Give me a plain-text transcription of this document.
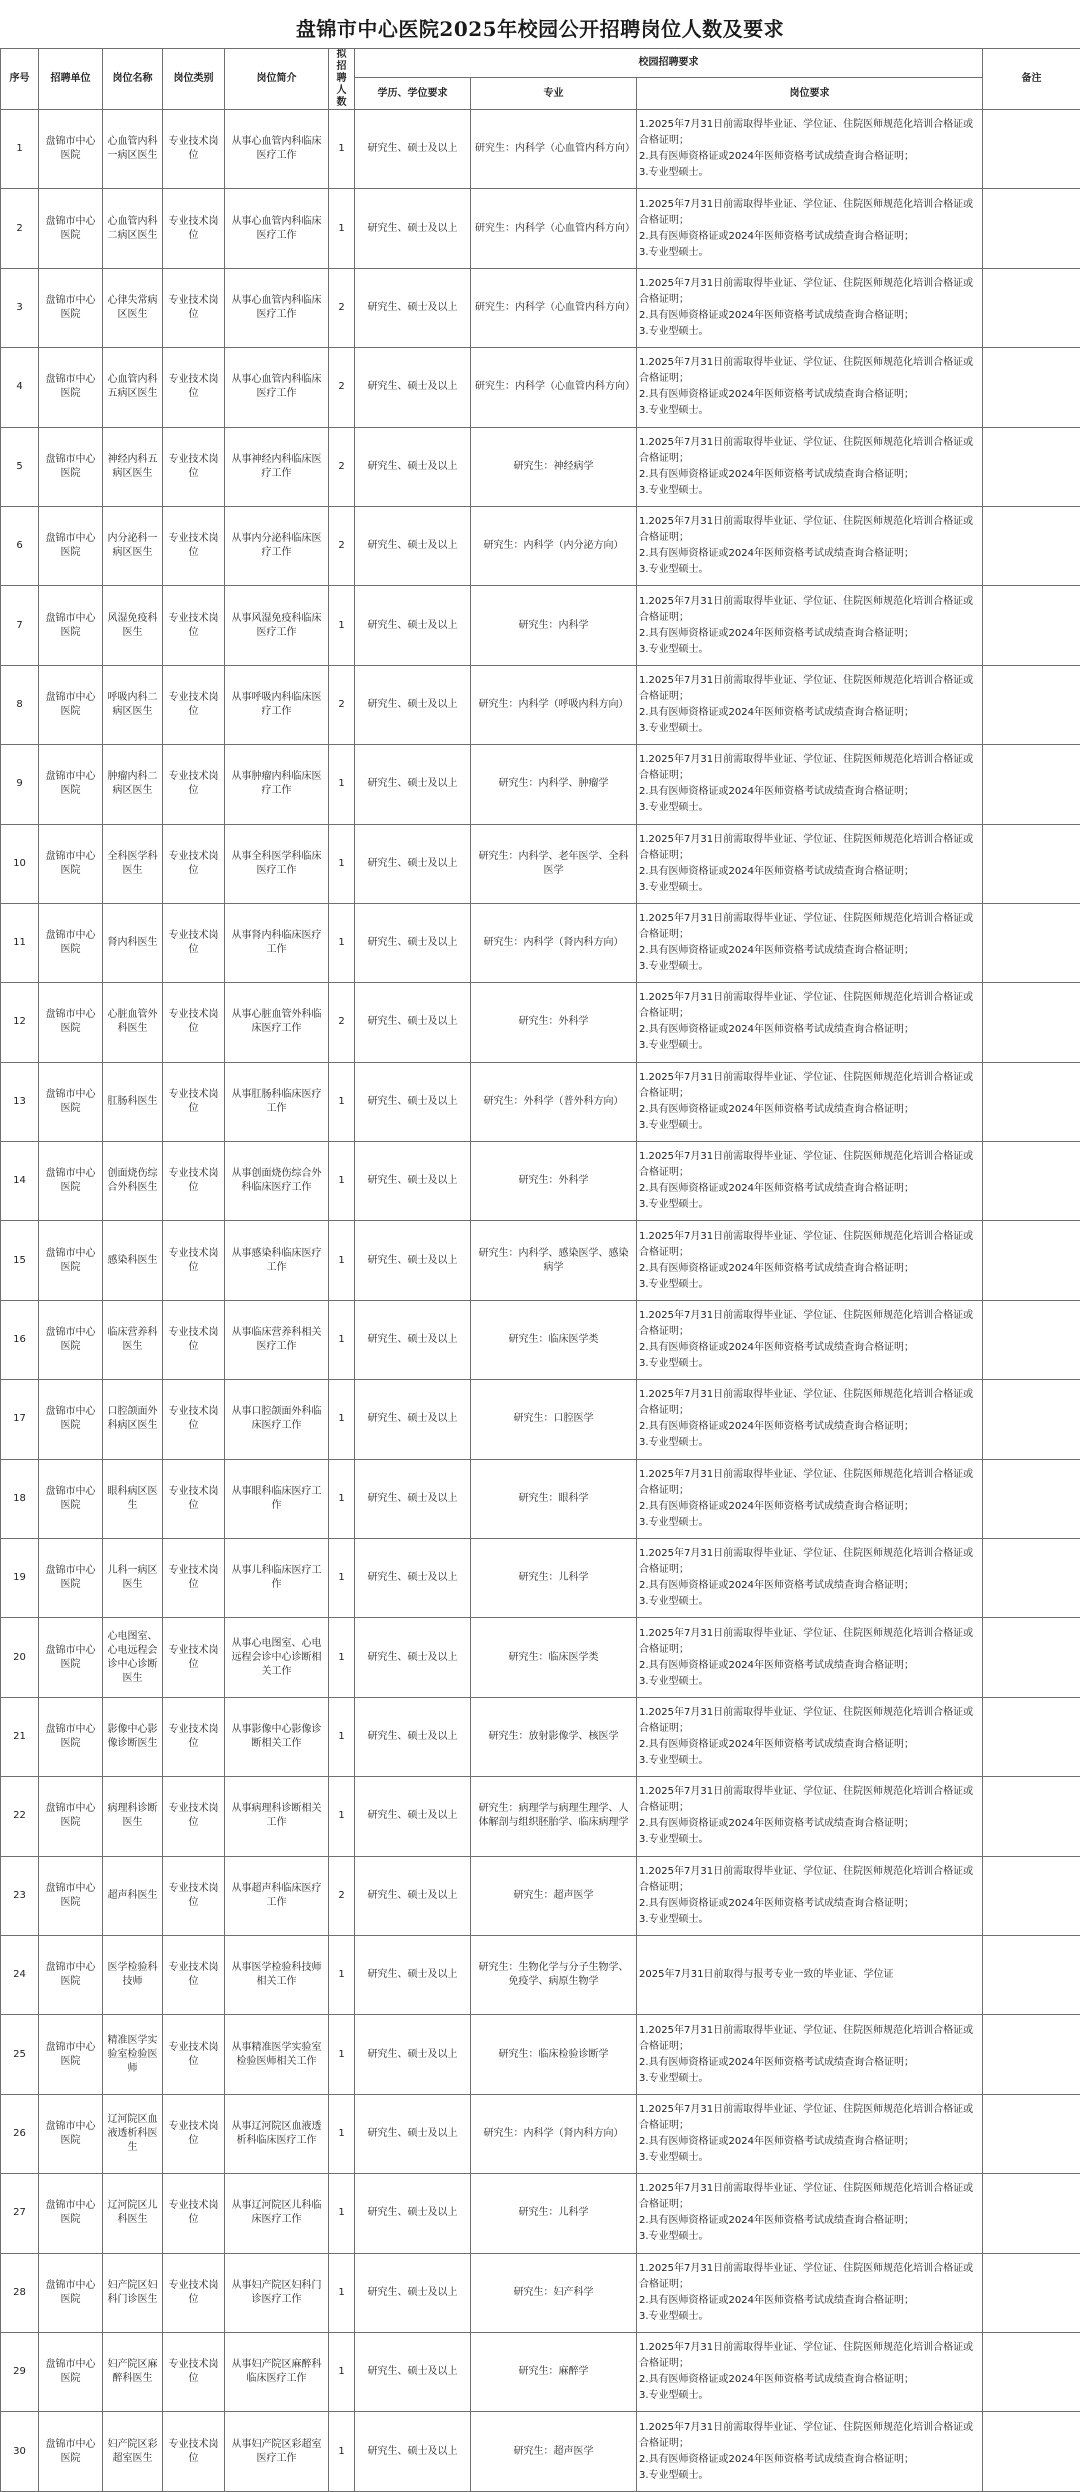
盘锦市中心医院2025年校园公开招聘岗位人数及要求
序号	招聘单位	岗位名称	岗位类别	岗位简介	拟招聘人数	校园招聘要求			备注
						学历、学位要求	专业	岗位要求	
1	盘锦市中心医院	心血管内科一病区医生	专业技术岗位	从事心血管内科临床医疗工作	1	研究生、硕士及以上	研究生：内科学（心血管内科方向）	1.2025年7月31日前需取得毕业证、学位证、住院医师规范化培训合格证或合格证明；
2.具有医师资格证或2024年医师资格考试成绩查询合格证明；
3.专业型硕士。	

2	盘锦市中心医院	心血管内科二病区医生	专业技术岗位	从事心血管内科临床医疗工作	1	研究生、硕士及以上	研究生：内科学（心血管内科方向）	1.2025年7月31日前需取得毕业证、学位证、住院医师规范化培训合格证或合格证明；
2.具有医师资格证或2024年医师资格考试成绩查询合格证明；
3.专业型硕士。	

3	盘锦市中心医院	心律失常病区医生	专业技术岗位	从事心血管内科临床医疗工作	2	研究生、硕士及以上	研究生：内科学（心血管内科方向）	1.2025年7月31日前需取得毕业证、学位证、住院医师规范化培训合格证或合格证明；
2.具有医师资格证或2024年医师资格考试成绩查询合格证明；
3.专业型硕士。	

4	盘锦市中心医院	心血管内科五病区医生	专业技术岗位	从事心血管内科临床医疗工作	2	研究生、硕士及以上	研究生：内科学（心血管内科方向）	1.2025年7月31日前需取得毕业证、学位证、住院医师规范化培训合格证或合格证明；
2.具有医师资格证或2024年医师资格考试成绩查询合格证明；
3.专业型硕士。	

5	盘锦市中心医院	神经内科五病区医生	专业技术岗位	从事神经内科临床医疗工作	2	研究生、硕士及以上	研究生：神经病学	1.2025年7月31日前需取得毕业证、学位证、住院医师规范化培训合格证或合格证明；
2.具有医师资格证或2024年医师资格考试成绩查询合格证明；
3.专业型硕士。	

6	盘锦市中心医院	内分泌科一病区医生	专业技术岗位	从事内分泌科临床医疗工作	2	研究生、硕士及以上	研究生：内科学（内分泌方向）	1.2025年7月31日前需取得毕业证、学位证、住院医师规范化培训合格证或合格证明；
2.具有医师资格证或2024年医师资格考试成绩查询合格证明；
3.专业型硕士。	

7	盘锦市中心医院	风湿免疫科医生	专业技术岗位	从事风湿免疫科临床医疗工作	1	研究生、硕士及以上	研究生：内科学	1.2025年7月31日前需取得毕业证、学位证、住院医师规范化培训合格证或合格证明；
2.具有医师资格证或2024年医师资格考试成绩查询合格证明；
3.专业型硕士。	

8	盘锦市中心医院	呼吸内科二病区医生	专业技术岗位	从事呼吸内科临床医疗工作	2	研究生、硕士及以上	研究生：内科学（呼吸内科方向）	1.2025年7月31日前需取得毕业证、学位证、住院医师规范化培训合格证或合格证明；
2.具有医师资格证或2024年医师资格考试成绩查询合格证明；
3.专业型硕士。	

9	盘锦市中心医院	肿瘤内科二病区医生	专业技术岗位	从事肿瘤内科临床医疗工作	1	研究生、硕士及以上	研究生：内科学、肿瘤学	1.2025年7月31日前需取得毕业证、学位证、住院医师规范化培训合格证或合格证明；
2.具有医师资格证或2024年医师资格考试成绩查询合格证明；
3.专业型硕士。	

10	盘锦市中心医院	全科医学科医生	专业技术岗位	从事全科医学科临床医疗工作	1	研究生、硕士及以上	研究生：内科学、老年医学、全科医学	1.2025年7月31日前需取得毕业证、学位证、住院医师规范化培训合格证或合格证明；
2.具有医师资格证或2024年医师资格考试成绩查询合格证明；
3.专业型硕士。	

11	盘锦市中心医院	肾内科医生	专业技术岗位	从事肾内科临床医疗工作	1	研究生、硕士及以上	研究生：内科学（肾内科方向）	1.2025年7月31日前需取得毕业证、学位证、住院医师规范化培训合格证或合格证明；
2.具有医师资格证或2024年医师资格考试成绩查询合格证明；
3.专业型硕士。	

12	盘锦市中心医院	心脏血管外科医生	专业技术岗位	从事心脏血管外科临床医疗工作	2	研究生、硕士及以上	研究生：外科学	1.2025年7月31日前需取得毕业证、学位证、住院医师规范化培训合格证或合格证明；
2.具有医师资格证或2024年医师资格考试成绩查询合格证明；
3.专业型硕士。	

13	盘锦市中心医院	肛肠科医生	专业技术岗位	从事肛肠科临床医疗工作	1	研究生、硕士及以上	研究生：外科学（普外科方向）	1.2025年7月31日前需取得毕业证、学位证、住院医师规范化培训合格证或合格证明；
2.具有医师资格证或2024年医师资格考试成绩查询合格证明；
3.专业型硕士。	

14	盘锦市中心医院	创面烧伤综合外科医生	专业技术岗位	从事创面烧伤综合外科临床医疗工作	1	研究生、硕士及以上	研究生：外科学	1.2025年7月31日前需取得毕业证、学位证、住院医师规范化培训合格证或合格证明；
2.具有医师资格证或2024年医师资格考试成绩查询合格证明；
3.专业型硕士。	

15	盘锦市中心医院	感染科医生	专业技术岗位	从事感染科临床医疗工作	1	研究生、硕士及以上	研究生：内科学、感染医学、感染病学	1.2025年7月31日前需取得毕业证、学位证、住院医师规范化培训合格证或合格证明；
2.具有医师资格证或2024年医师资格考试成绩查询合格证明；
3.专业型硕士。	

16	盘锦市中心医院	临床营养科医生	专业技术岗位	从事临床营养科相关医疗工作	1	研究生、硕士及以上	研究生：临床医学类	1.2025年7月31日前需取得毕业证、学位证、住院医师规范化培训合格证或合格证明；
2.具有医师资格证或2024年医师资格考试成绩查询合格证明；
3.专业型硕士。	

17	盘锦市中心医院	口腔颌面外科病区医生	专业技术岗位	从事口腔颌面外科临床医疗工作	1	研究生、硕士及以上	研究生：口腔医学	1.2025年7月31日前需取得毕业证、学位证、住院医师规范化培训合格证或合格证明；
2.具有医师资格证或2024年医师资格考试成绩查询合格证明；
3.专业型硕士。	

18	盘锦市中心医院	眼科病区医生	专业技术岗位	从事眼科临床医疗工作	1	研究生、硕士及以上	研究生：眼科学	1.2025年7月31日前需取得毕业证、学位证、住院医师规范化培训合格证或合格证明；
2.具有医师资格证或2024年医师资格考试成绩查询合格证明；
3.专业型硕士。	

19	盘锦市中心医院	儿科一病区医生	专业技术岗位	从事儿科临床医疗工作	1	研究生、硕士及以上	研究生：儿科学	1.2025年7月31日前需取得毕业证、学位证、住院医师规范化培训合格证或合格证明；
2.具有医师资格证或2024年医师资格考试成绩查询合格证明；
3.专业型硕士。	

20	盘锦市中心医院	心电图室、心电远程会诊中心诊断医生	专业技术岗位	从事心电图室、心电远程会诊中心诊断相关工作	1	研究生、硕士及以上	研究生：临床医学类	1.2025年7月31日前需取得毕业证、学位证、住院医师规范化培训合格证或合格证明；
2.具有医师资格证或2024年医师资格考试成绩查询合格证明；
3.专业型硕士。	

21	盘锦市中心医院	影像中心影像诊断医生	专业技术岗位	从事影像中心影像诊断相关工作	1	研究生、硕士及以上	研究生：放射影像学、核医学	1.2025年7月31日前需取得毕业证、学位证、住院医师规范化培训合格证或合格证明；
2.具有医师资格证或2024年医师资格考试成绩查询合格证明；
3.专业型硕士。	

22	盘锦市中心医院	病理科诊断医生	专业技术岗位	从事病理科诊断相关工作	1	研究生、硕士及以上	研究生：病理学与病理生理学、人体解剖与组织胚胎学、临床病理学	1.2025年7月31日前需取得毕业证、学位证、住院医师规范化培训合格证或合格证明；
2.具有医师资格证或2024年医师资格考试成绩查询合格证明；
3.专业型硕士。	

23	盘锦市中心医院	超声科医生	专业技术岗位	从事超声科临床医疗工作	2	研究生、硕士及以上	研究生：超声医学	1.2025年7月31日前需取得毕业证、学位证、住院医师规范化培训合格证或合格证明；
2.具有医师资格证或2024年医师资格考试成绩查询合格证明；
3.专业型硕士。	

24	盘锦市中心医院	医学检验科技师	专业技术岗位	从事医学检验科技师相关工作	1	研究生、硕士及以上	研究生：生物化学与分子生物学、免疫学、病原生物学	2025年7月31日前取得与报考专业一致的毕业证、学位证	

25	盘锦市中心医院	精准医学实验室检验医师	专业技术岗位	从事精准医学实验室检验医师相关工作	1	研究生、硕士及以上	研究生：临床检验诊断学	1.2025年7月31日前需取得毕业证、学位证、住院医师规范化培训合格证或合格证明；
2.具有医师资格证或2024年医师资格考试成绩查询合格证明；
3.专业型硕士。	

26	盘锦市中心医院	辽河院区血液透析科医生	专业技术岗位	从事辽河院区血液透析科临床医疗工作	1	研究生、硕士及以上	研究生：内科学（肾内科方向）	1.2025年7月31日前需取得毕业证、学位证、住院医师规范化培训合格证或合格证明；
2.具有医师资格证或2024年医师资格考试成绩查询合格证明；
3.专业型硕士。	

27	盘锦市中心医院	辽河院区儿科医生	专业技术岗位	从事辽河院区儿科临床医疗工作	1	研究生、硕士及以上	研究生：儿科学	1.2025年7月31日前需取得毕业证、学位证、住院医师规范化培训合格证或合格证明；
2.具有医师资格证或2024年医师资格考试成绩查询合格证明；
3.专业型硕士。	

28	盘锦市中心医院	妇产院区妇科门诊医生	专业技术岗位	从事妇产院区妇科门诊医疗工作	1	研究生、硕士及以上	研究生：妇产科学	1.2025年7月31日前需取得毕业证、学位证、住院医师规范化培训合格证或合格证明；
2.具有医师资格证或2024年医师资格考试成绩查询合格证明；
3.专业型硕士。	

29	盘锦市中心医院	妇产院区麻醉科医生	专业技术岗位	从事妇产院区麻醉科临床医疗工作	1	研究生、硕士及以上	研究生：麻醉学	1.2025年7月31日前需取得毕业证、学位证、住院医师规范化培训合格证或合格证明；
2.具有医师资格证或2024年医师资格考试成绩查询合格证明；
3.专业型硕士。	

30	盘锦市中心医院	妇产院区彩超室医生	专业技术岗位	从事妇产院区彩超室医疗工作	1	研究生、硕士及以上	研究生：超声医学	1.2025年7月31日前需取得毕业证、学位证、住院医师规范化培训合格证或合格证明；
2.具有医师资格证或2024年医师资格考试成绩查询合格证明；
3.专业型硕士。	
